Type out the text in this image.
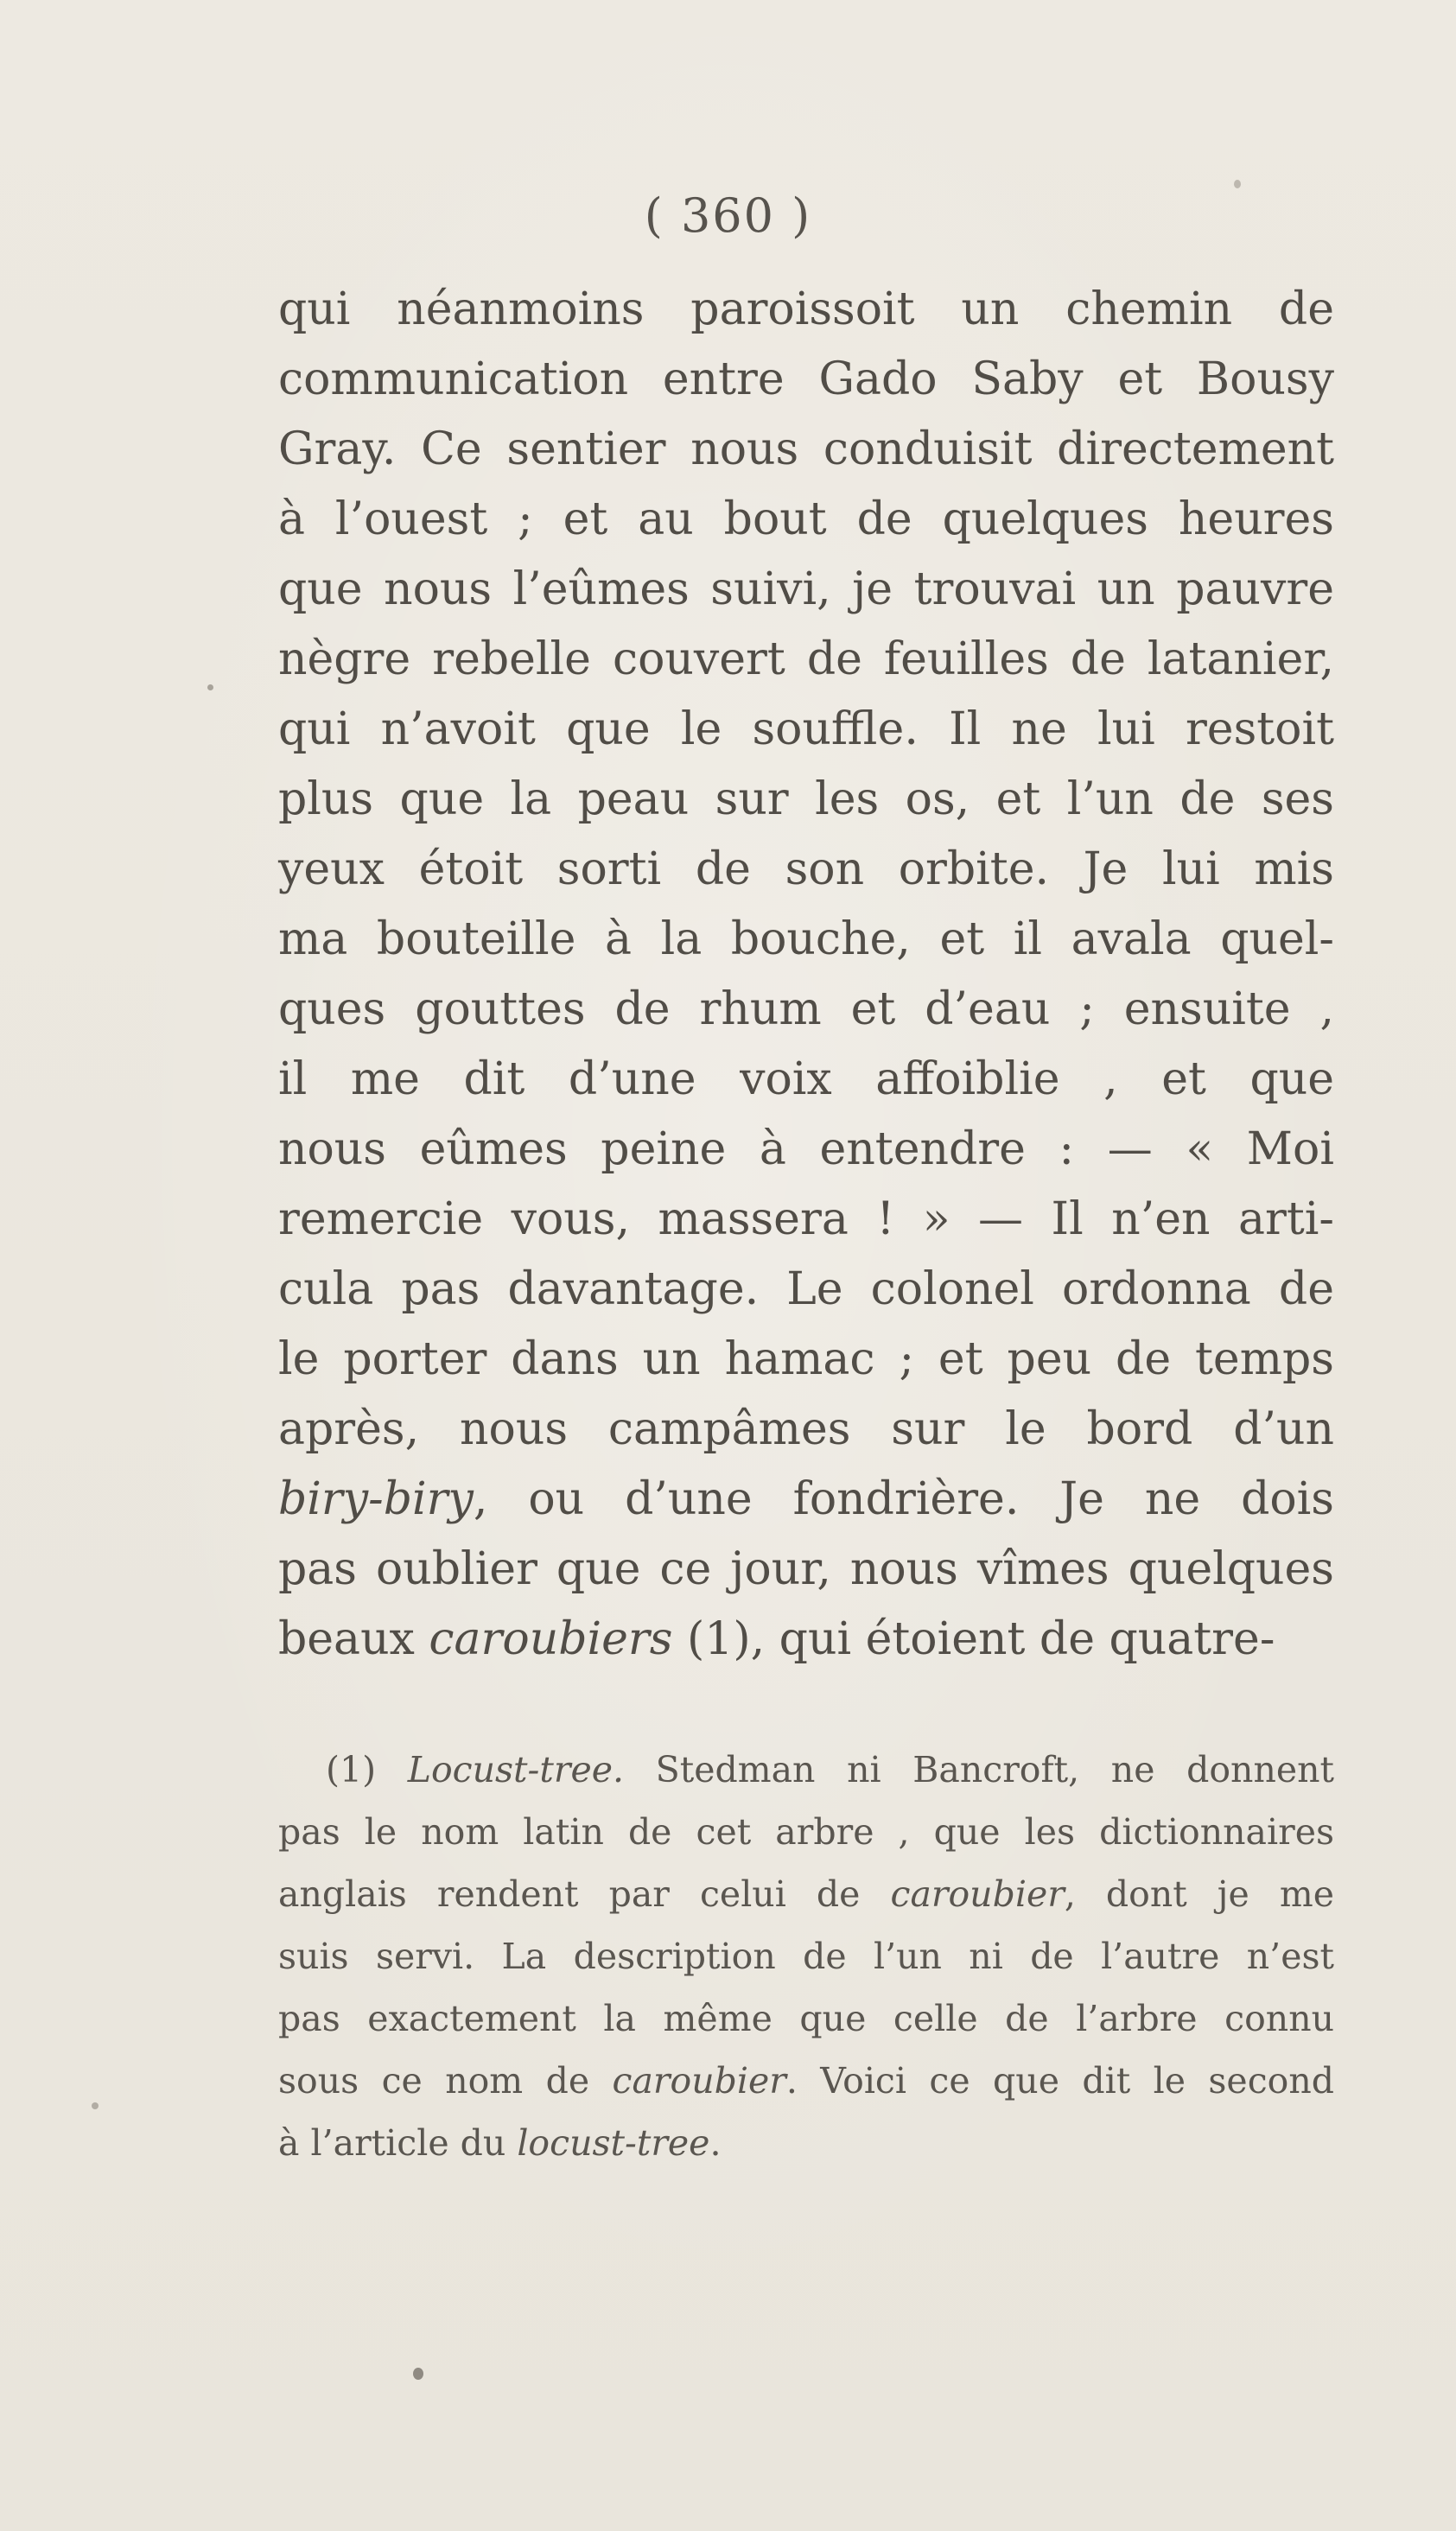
( 360 )
qui néanmoins paroissoit un chemin de
communication entre Gado Saby et Bousy
Gray. Ce sentier nous conduisit directement
à l’ouest ; et au bout de quelques heures
que nous l’eûmes suivi, je trouvai un pauvre
nègre rebelle couvert de feuilles de latanier,
qui n’avoit que le souffle. Il ne lui restoit
plus que la peau sur les os, et l’un de ses
yeux étoit sorti de son orbite. Je lui mis
ma bouteille à la bouche, et il avala quel-
ques gouttes de rhum et d’eau ; ensuite ,
il me dit d’une voix affoiblie , et que
nous eûmes peine à entendre : — « Moi
remercie vous, massera ! » — Il n’en arti-
cula pas davantage. Le colonel ordonna de
le porter dans un hamac ; et peu de temps
après, nous campâmes sur le bord d’un
biry-biry, ou d’une fondrière. Je ne dois
pas oublier que ce jour, nous vîmes quelques
beaux caroubiers (1), qui étoient de quatre-
(1) Locust-tree. Stedman ni Bancroft, ne donnent
pas le nom latin de cet arbre , que les dictionnaires
anglais rendent par celui de caroubier, dont je me
suis servi. La description de l’un ni de l’autre n’est
pas exactement la même que celle de l’arbre connu
sous ce nom de caroubier. Voici ce que dit le second
à l’article du locust-tree.
